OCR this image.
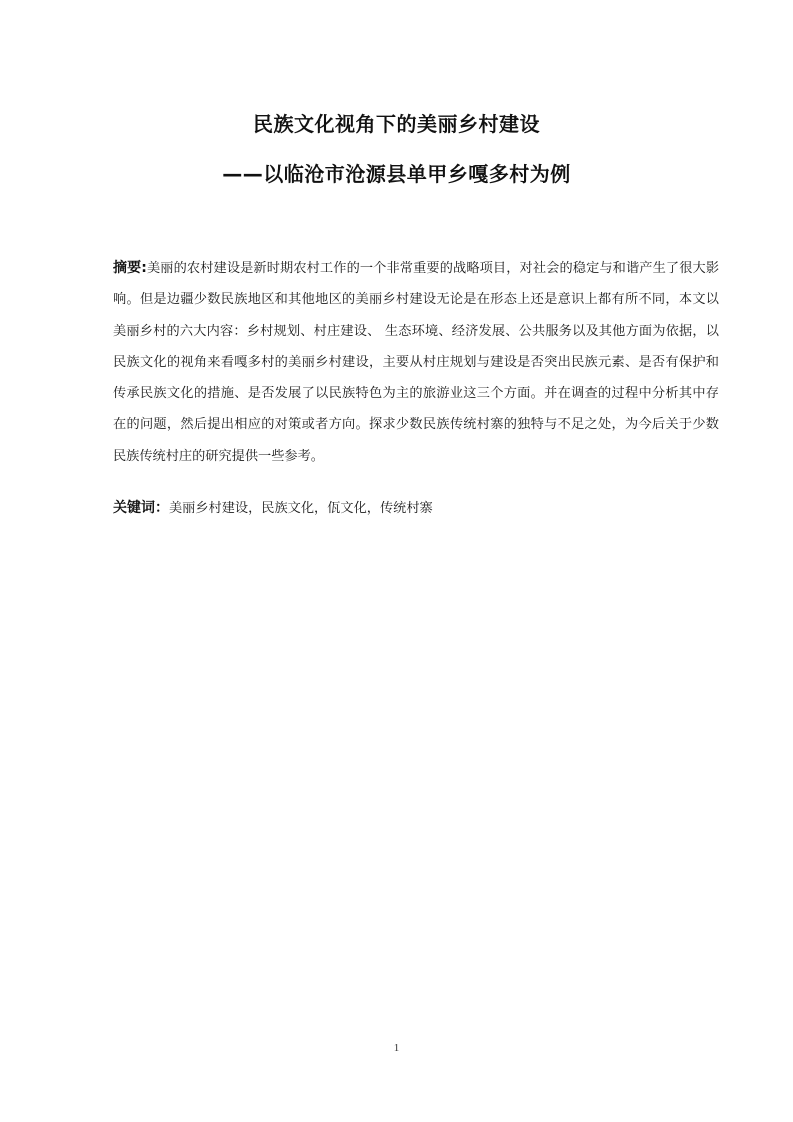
民族文化视角下的美丽乡村建设
——以临沧市沧源县单甲乡嘎多村为例
摘要:美丽的农村建设是新时期农村工作的一个非常重要的战略项目，对社会的稳定与和谐产生了很大影响。但是边疆少数民族地区和其他地区的美丽乡村建设无论是在形态上还是意识上都有所不同，本文以美丽乡村的六大内容：乡村规划、村庄建设、 生态环境、经济发展、公共服务以及其他方面为依据，以民族文化的视角来看嘎多村的美丽乡村建设，主要从村庄规划与建设是否突出民族元素、是否有保护和传承民族文化的措施、是否发展了以民族特色为主的旅游业这三个方面。并在调查的过程中分析其中存在的问题，然后提出相应的对策或者方向。探求少数民族传统村寨的独特与不足之处，为今后关于少数民族传统村庄的研究提供一些参考。
关键词：美丽乡村建设，民族文化，佤文化，传统村寨
1
